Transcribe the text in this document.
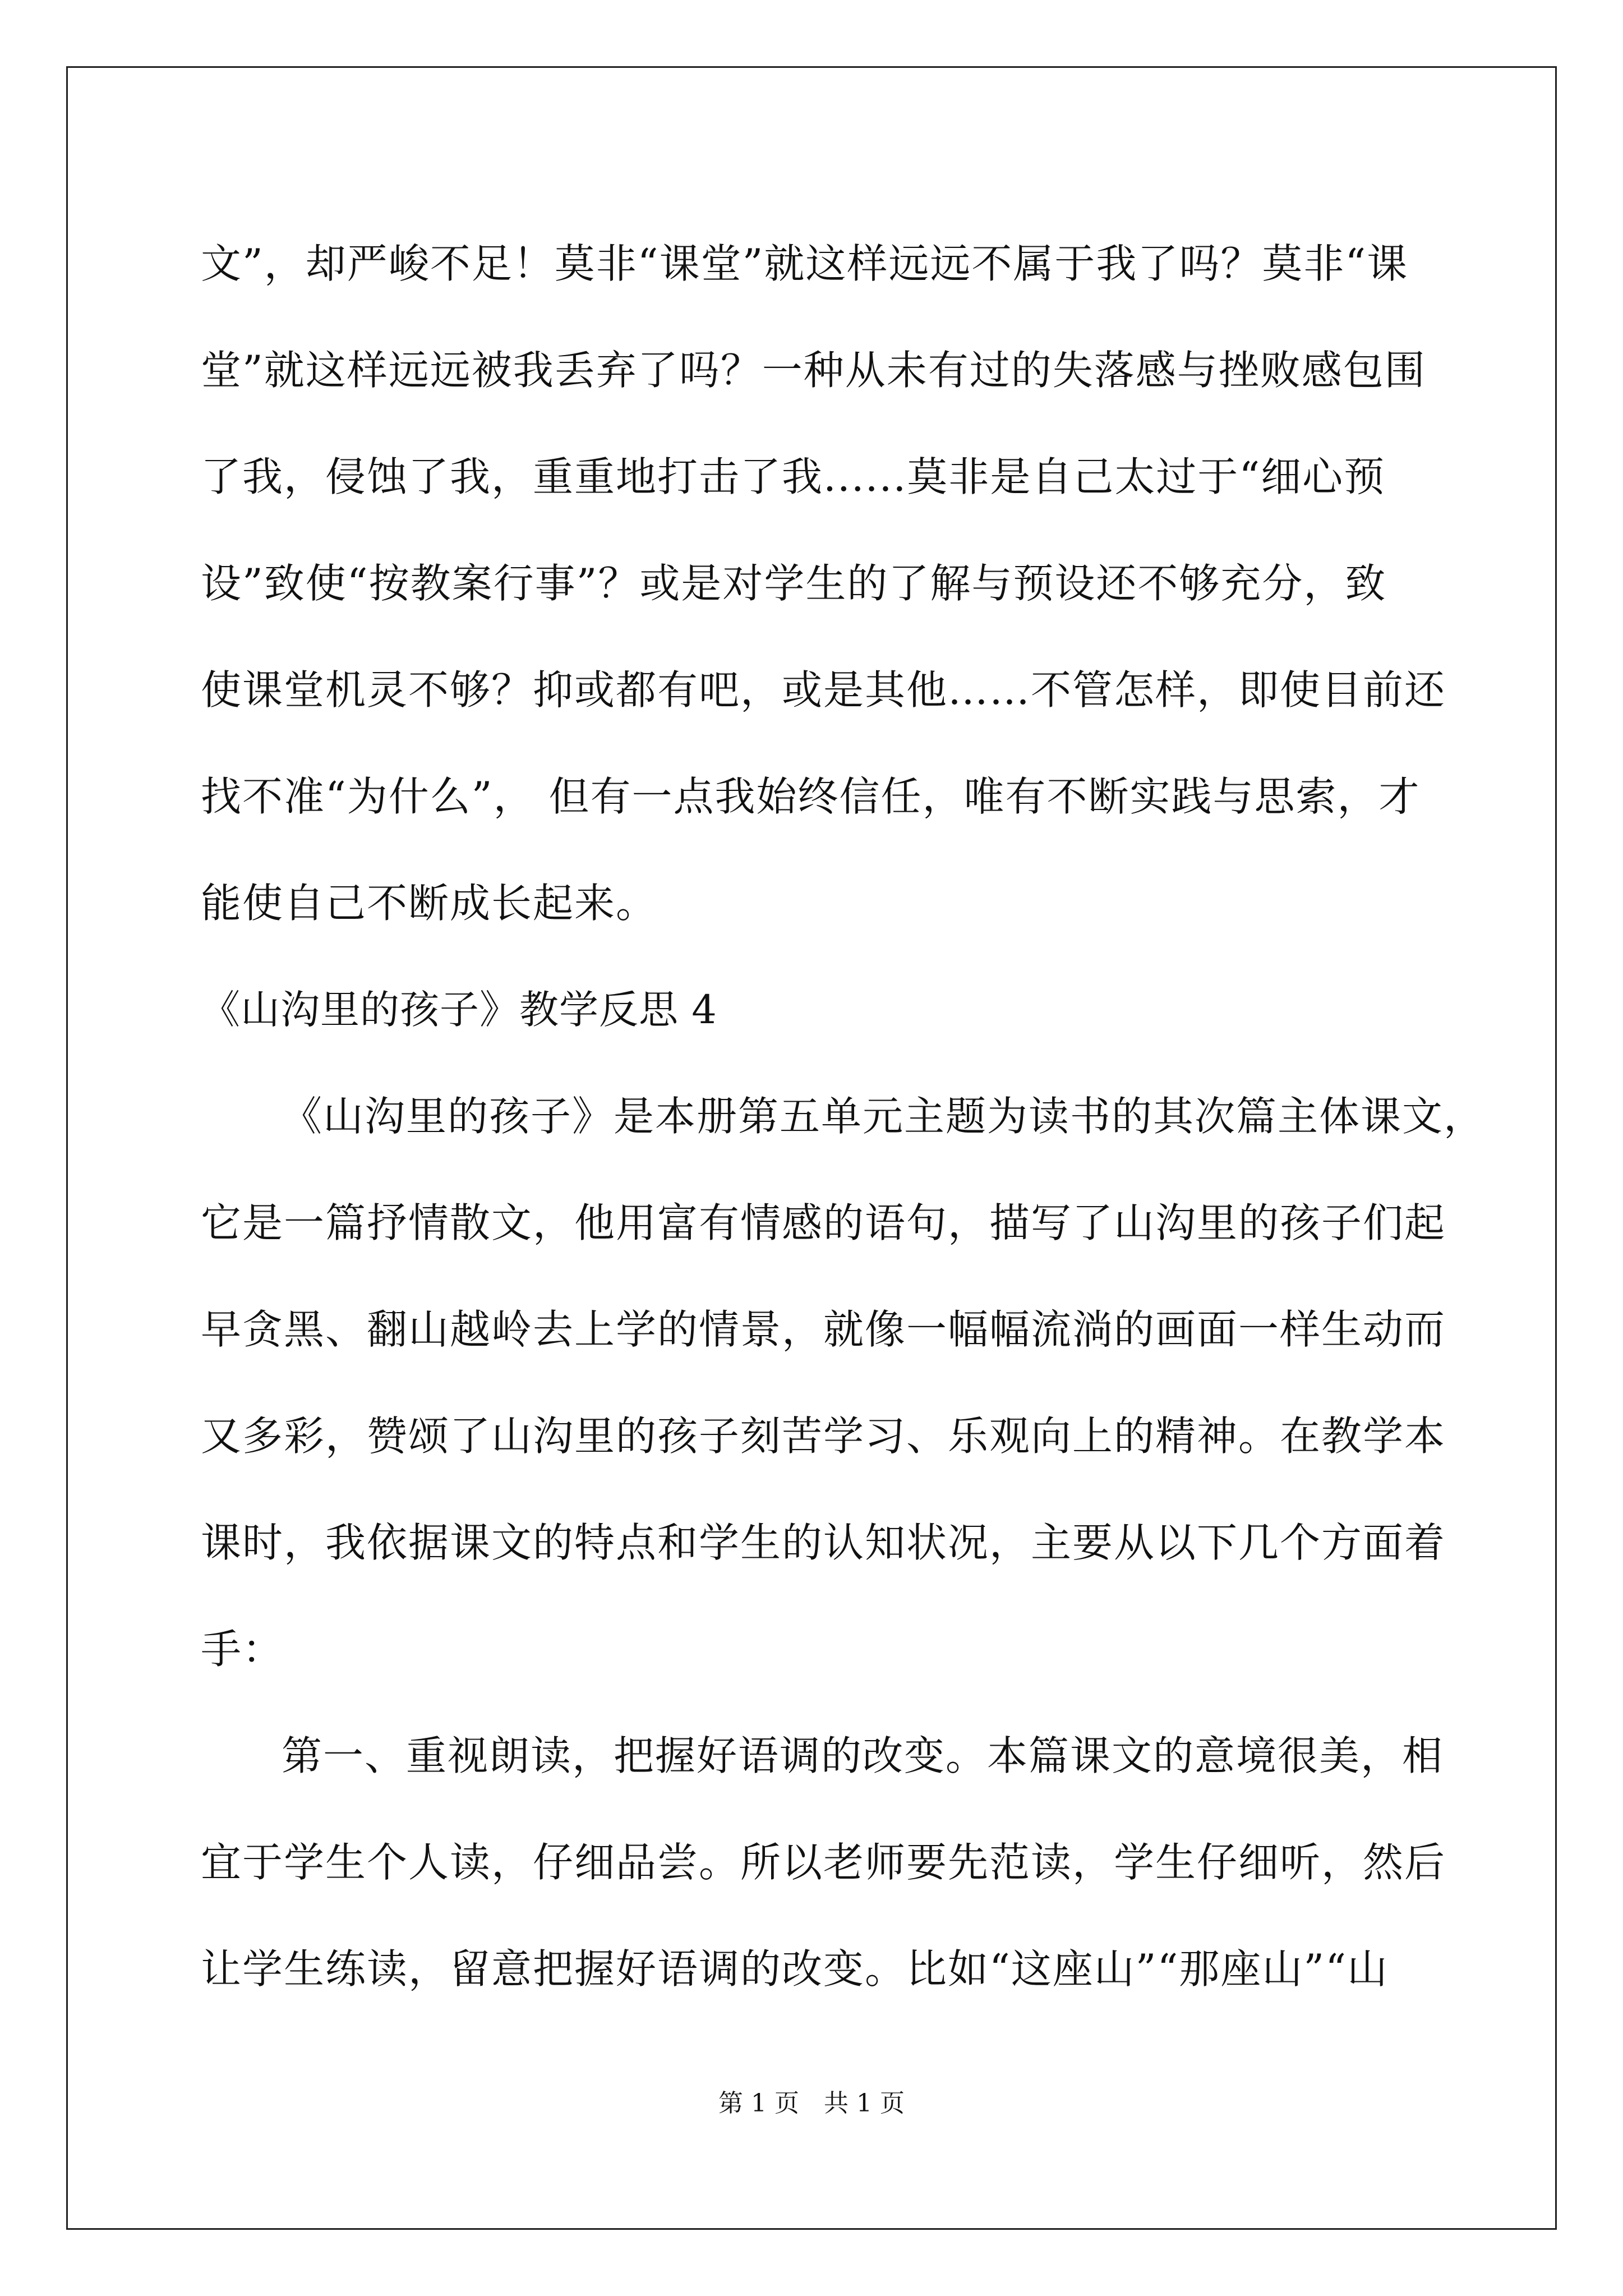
文”，却严峻不足！莫非“课堂”就这样远远不属于我了吗？莫非“课
堂”就这样远远被我丢弃了吗？一种从未有过的失落感与挫败感包围
了我，侵蚀了我，重重地打击了我......莫非是自己太过于“细心预
设”致使“按教案行事”？或是对学生的了解与预设还不够充分，致
使课堂机灵不够？抑或都有吧，或是其他……不管怎样，即使目前还
找不准“为什么”， 但有一点我始终信任，唯有不断实践与思索，才
能使自己不断成长起来。
《山沟里的孩子》教学反思 4
《山沟里的孩子》是本册第五单元主题为读书的其次篇主体课文，
它是一篇抒情散文，他用富有情感的语句，描写了山沟里的孩子们起
早贪黑、翻山越岭去上学的情景，就像一幅幅流淌的画面一样生动而
又多彩，赞颂了山沟里的孩子刻苦学习、乐观向上的精神。在教学本
课时，我依据课文的特点和学生的认知状况，主要从以下几个方面着
手：
第一、重视朗读，把握好语调的改变。本篇课文的意境很美，相
宜于学生个人读，仔细品尝。所以老师要先范读，学生仔细听，然后
让学生练读，留意把握好语调的改变。比如“这座山”“那座山”“山
第 1 页　共 1 页
